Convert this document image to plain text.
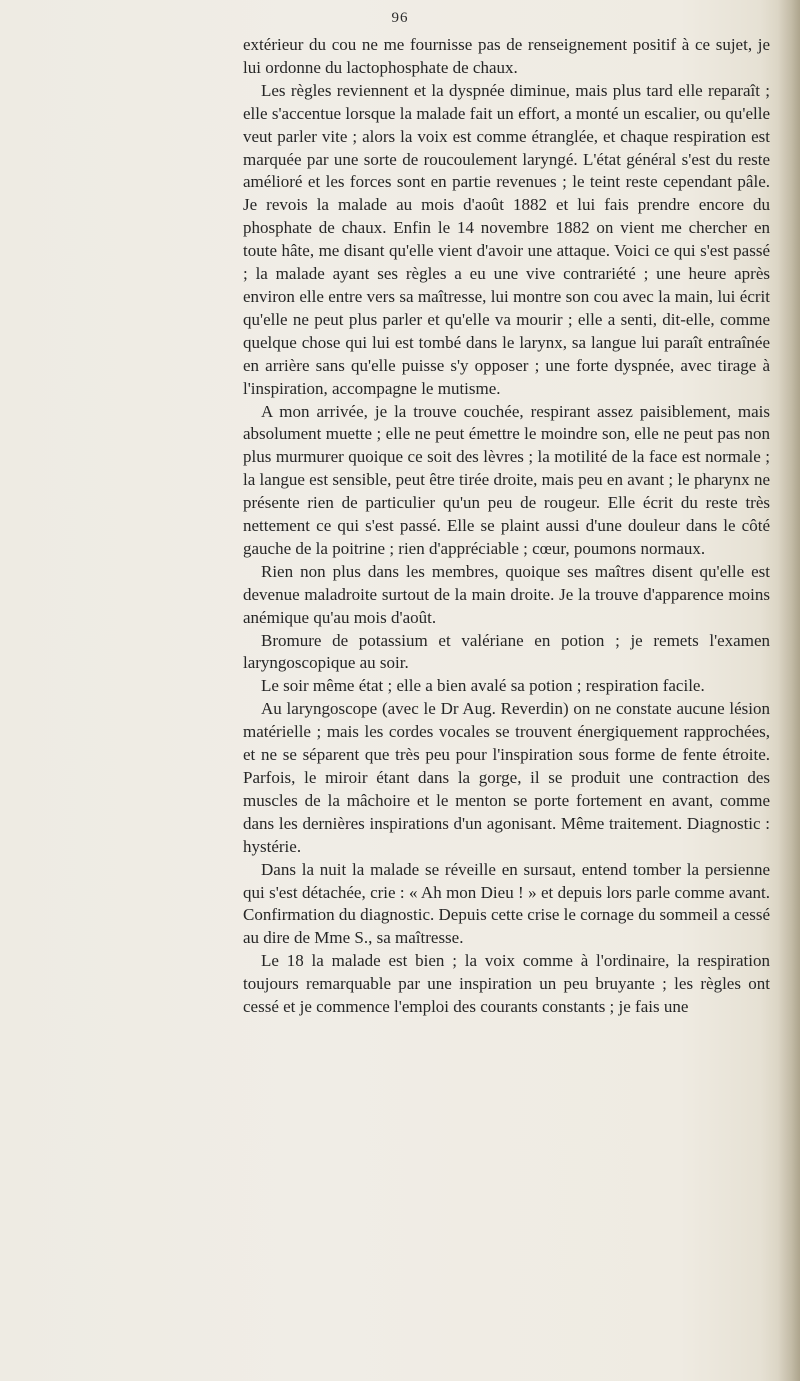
96

extérieur du cou ne me fournisse pas de renseignement positif à ce sujet, je lui ordonne du lactophosphate de chaux.

Les règles reviennent et la dyspnée diminue, mais plus tard elle reparaît ; elle s'accentue lorsque la malade fait un effort, a monté un escalier, ou qu'elle veut parler vite ; alors la voix est comme étranglée, et chaque respiration est marquée par une sorte de roucoulement laryngé. L'état général s'est du reste amélioré et les forces sont en partie revenues ; le teint reste cependant pâle. Je revois la malade au mois d'août 1882 et lui fais prendre encore du phosphate de chaux. Enfin le 14 novembre 1882 on vient me chercher en toute hâte, me disant qu'elle vient d'avoir une attaque. Voici ce qui s'est passé ; la malade ayant ses règles a eu une vive contrariété ; une heure après environ elle entre vers sa maîtresse, lui montre son cou avec la main, lui écrit qu'elle ne peut plus parler et qu'elle va mourir ; elle a senti, dit-elle, comme quelque chose qui lui est tombé dans le larynx, sa langue lui paraît entraînée en arrière sans qu'elle puisse s'y opposer ; une forte dyspnée, avec tirage à l'inspiration, accompagne le mutisme.

A mon arrivée, je la trouve couchée, respirant assez paisiblement, mais absolument muette ; elle ne peut émettre le moindre son, elle ne peut pas non plus murmurer quoique ce soit des lèvres ; la motilité de la face est normale ; la langue est sensible, peut être tirée droite, mais peu en avant ; le pharynx ne présente rien de particulier qu'un peu de rougeur. Elle écrit du reste très nettement ce qui s'est passé. Elle se plaint aussi d'une douleur dans le côté gauche de la poitrine ; rien d'appréciable ; cœur, poumons normaux.

Rien non plus dans les membres, quoique ses maîtres disent qu'elle est devenue maladroite surtout de la main droite. Je la trouve d'apparence moins anémique qu'au mois d'août.

Bromure de potassium et valériane en potion ; je remets l'examen laryngoscopique au soir.

Le soir même état ; elle a bien avalé sa potion ; respiration facile.

Au laryngoscope (avec le Dr Aug. Reverdin) on ne constate aucune lésion matérielle ; mais les cordes vocales se trouvent énergiquement rapprochées, et ne se séparent que très peu pour l'inspiration sous forme de fente étroite. Parfois, le miroir étant dans la gorge, il se produit une contraction des muscles de la mâchoire et le menton se porte fortement en avant, comme dans les dernières inspirations d'un agonisant. Même traitement. Diagnostic : hystérie.

Dans la nuit la malade se réveille en sursaut, entend tomber la persienne qui s'est détachée, crie : « Ah mon Dieu ! » et depuis lors parle comme avant. Confirmation du diagnostic. Depuis cette crise le cornage du sommeil a cessé au dire de Mme S., sa maîtresse.

Le 18 la malade est bien ; la voix comme à l'ordinaire, la respiration toujours remarquable par une inspiration un peu bruyante ; les règles ont cessé et je commence l'emploi des courants constants ; je fais une
